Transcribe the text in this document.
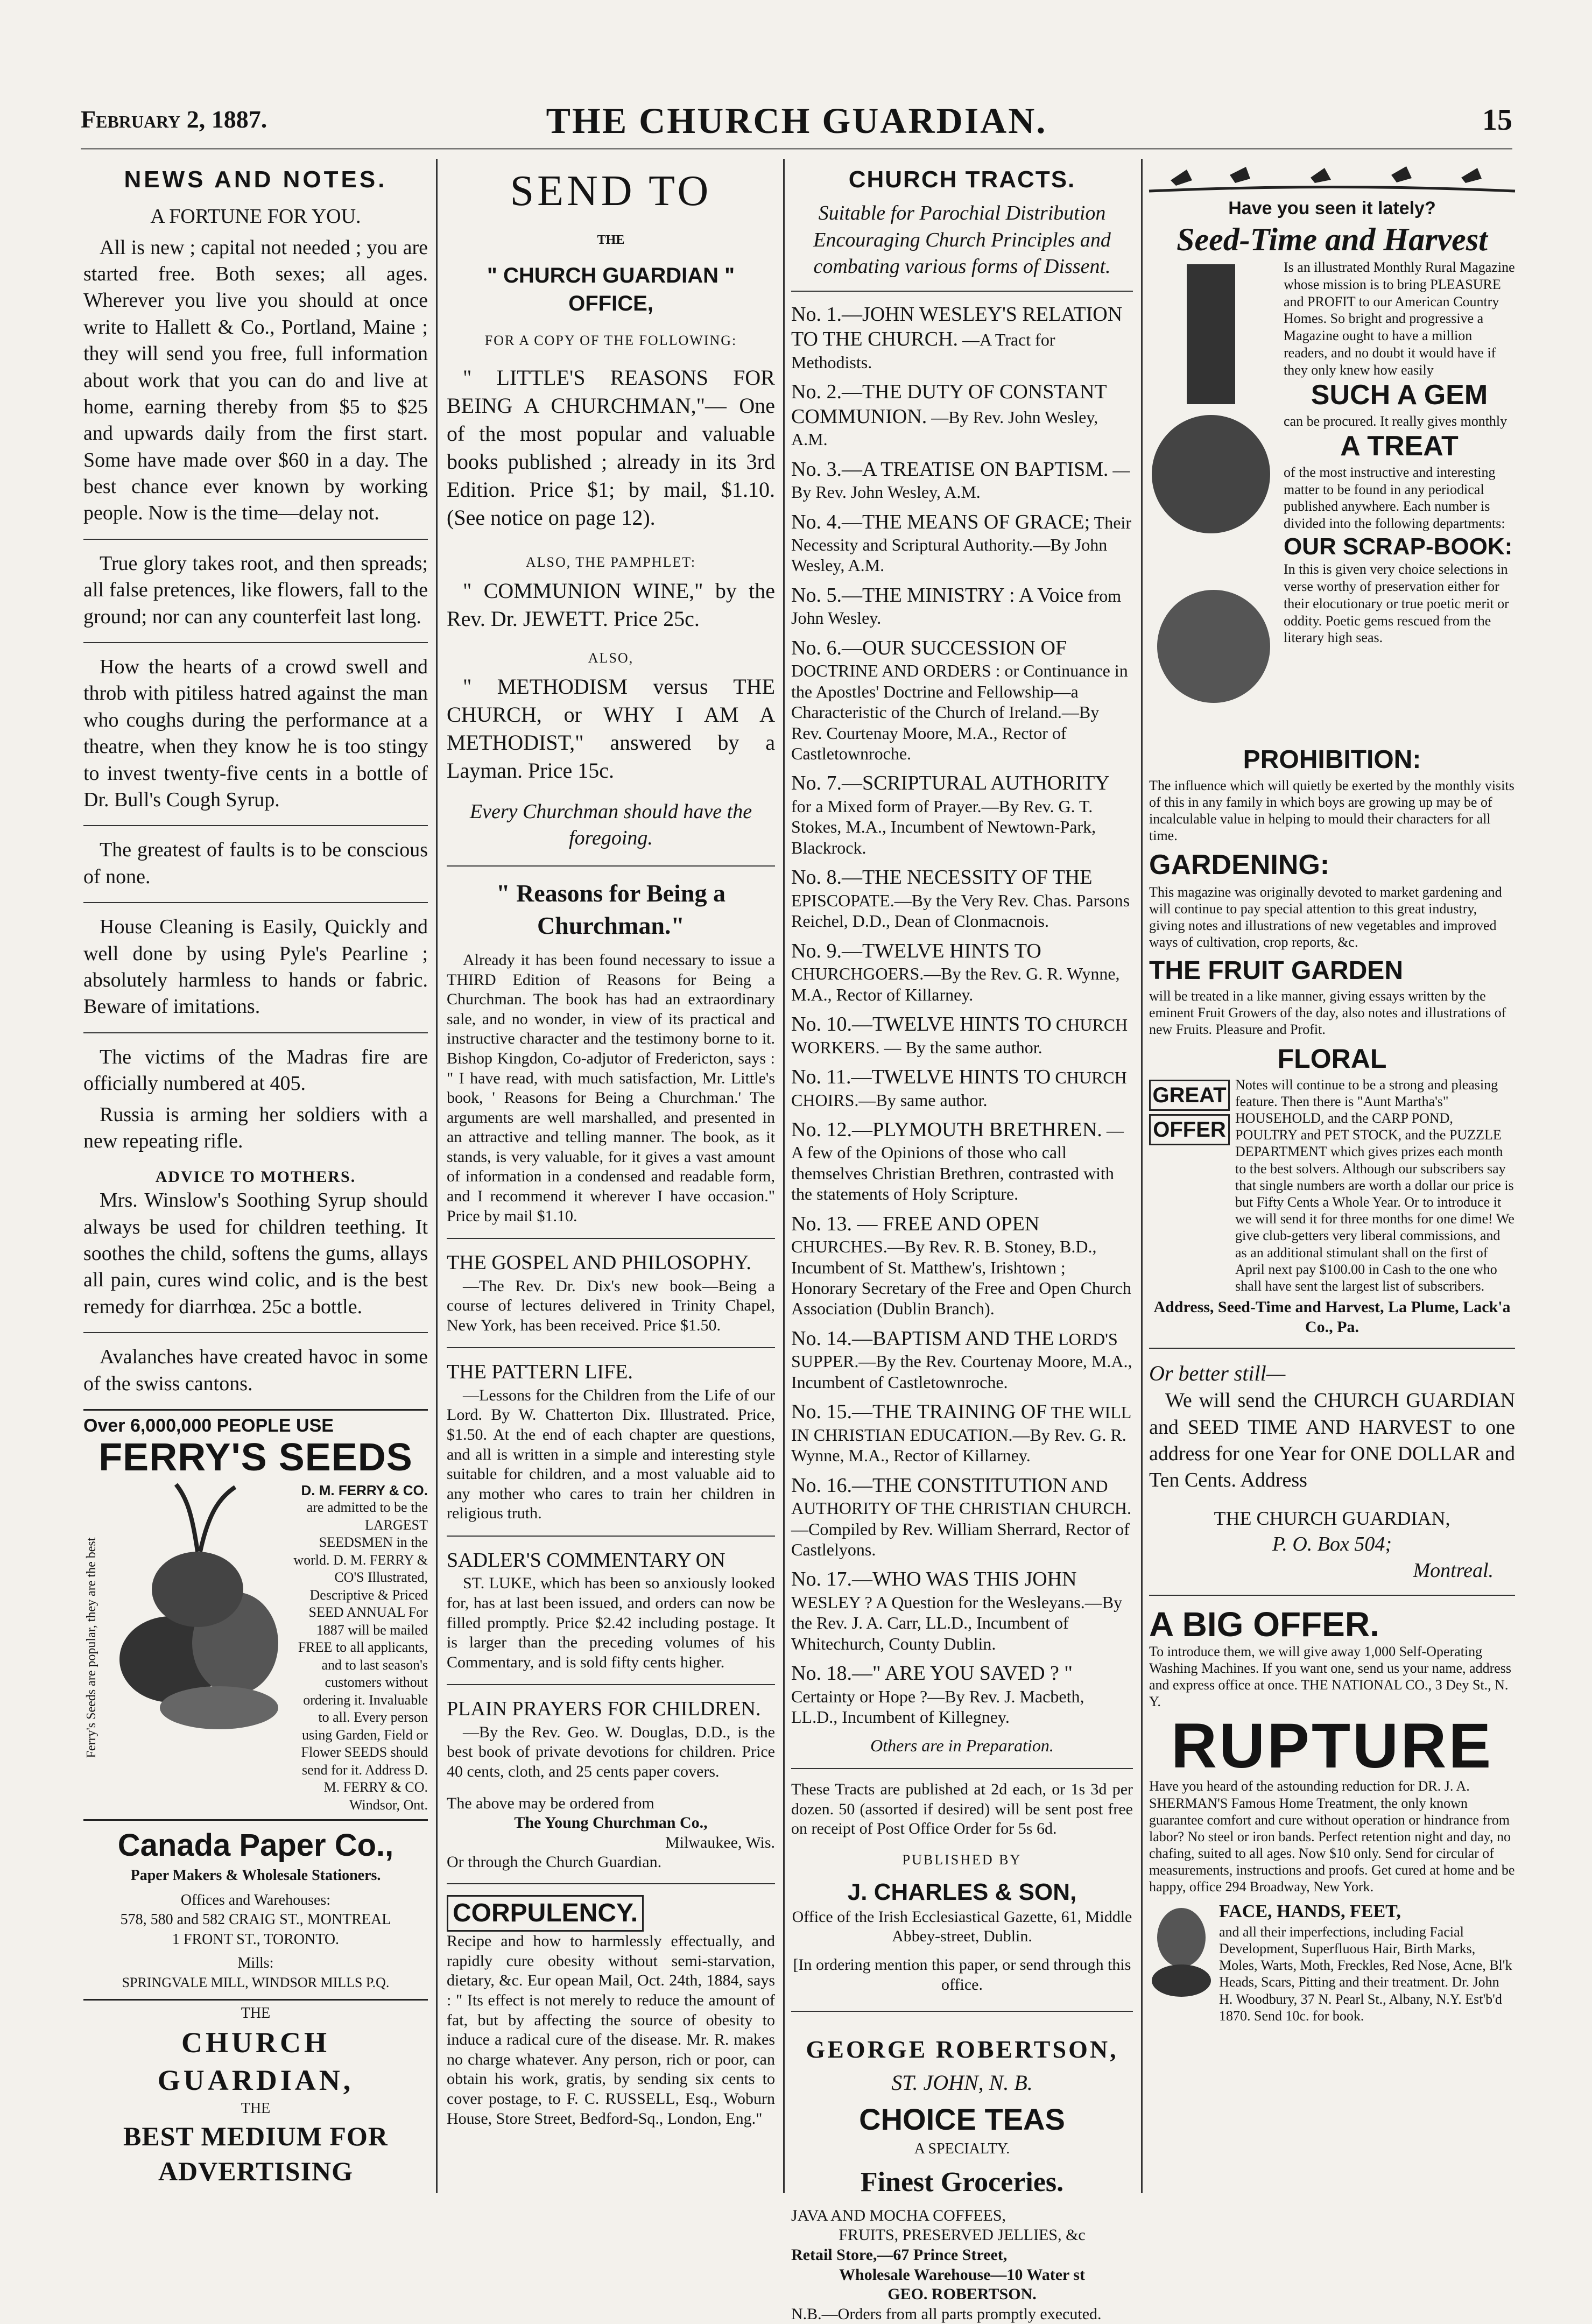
February 2, 1887.	THE CHURCH GUARDIAN.	15
NEWS AND NOTES.
A FORTUNE FOR YOU.

All is new ; capital not needed ; you are started free. Both sexes; all ages. Wherever you live you should at once write to Hallett & Co., Portland, Maine ; they will send you free, full information about work that you can do and live at home, earning thereby from $5 to $25 and upwards daily from the first start. Some have made over $60 in a day. The best chance ever known by working people. Now is the time—delay not.

True glory takes root, and then spreads; all false pretences, like flowers, fall to the ground; nor can any counterfeit last long.

How the hearts of a crowd swell and throb with pitiless hatred against the man who coughs during the performance at a theatre, when they know he is too stingy to invest twenty-five cents in a bottle of Dr. Bull's Cough Syrup.

The greatest of faults is to be conscious of none.

House Cleaning is Easily, Quickly and well done by using Pyle's Pearline ; absolutely harmless to hands or fabric. Beware of imitations.

The victims of the Madras fire are officially numbered at 405.

Russia is arming her soldiers with a new repeating rifle.

ADVICE TO MOTHERS.

Mrs. Winslow's Soothing Syrup should always be used for children teething. It soothes the child, softens the gums, allays all pain, cures wind colic, and is the best remedy for diarrhœa. 25c a bottle.

Avalanches have created havoc in some of the swiss cantons.

Over 6,000,000 PEOPLE USE
FERRY'S SEEDS
Ferry's Seeds are popular, they are the best
D. M. FERRY & CO.
are admitted to be the LARGEST SEEDSMEN in the world. D. M. FERRY & CO'S Illustrated, Descriptive & Priced SEED ANNUAL For 1887 will be mailed FREE to all applicants, and to last season's customers without ordering it. Invaluable to all. Every person using Garden, Field or Flower SEEDS should send for it. Address D. M. FERRY & CO. Windsor, Ont.
Canada Paper Co.,
Paper Makers & Wholesale Stationers.
Offices and Warehouses:
578, 580 and 582 CRAIG ST., MONTREAL
1 FRONT ST., TORONTO.
Mills:
SPRINGVALE MILL, WINDSOR MILLS P.Q.
THE
CHURCH GUARDIAN,
THE
BEST MEDIUM FOR ADVERTISING
SEND TO
THE
" CHURCH GUARDIAN " OFFICE,
FOR A COPY OF THE FOLLOWING:

" LITTLE'S REASONS FOR BEING A CHURCHMAN,"— One of the most popular and valuable books published ; already in its 3rd Edition. Price $1; by mail, $1.10. (See notice on page 12).

ALSO, THE PAMPHLET:

" COMMUNION WINE," by the Rev. Dr. JEWETT. Price 25c.

ALSO,

" METHODISM versus THE CHURCH, or WHY I AM A METHODIST," answered by a Layman. Price 15c.

Every Churchman should have the foregoing.
" Reasons for Being a Churchman."

Already it has been found necessary to issue a THIRD Edition of Reasons for Being a Churchman. The book has had an extraordinary sale, and no wonder, in view of its practical and instructive character and the testimony borne to it. Bishop Kingdon, Co-adjutor of Fredericton, says : " I have read, with much satisfaction, Mr. Little's book, ' Reasons for Being a Churchman.' The arguments are well marshalled, and presented in an attractive and telling manner. The book, as it stands, is very valuable, for it gives a vast amount of information in a condensed and readable form, and I recommend it wherever I have occasion." Price by mail $1.10.

THE GOSPEL AND PHILOSOPHY.

—The Rev. Dr. Dix's new book—Being a course of lectures delivered in Trinity Chapel, New York, has been received. Price $1.50.

THE PATTERN LIFE.

—Lessons for the Children from the Life of our Lord. By W. Chatterton Dix. Illustrated. Price, $1.50. At the end of each chapter are questions, and all is written in a simple and interesting style suitable for children, and a most valuable aid to any mother who cares to train her children in religious truth.

SADLER'S COMMENTARY ON

ST. LUKE, which has been so anxiously looked for, has at last been issued, and orders can now be filled promptly. Price $2.42 including postage. It is larger than the preceding volumes of his Commentary, and is sold fifty cents higher.

PLAIN PRAYERS FOR CHILDREN.

—By the Rev. Geo. W. Douglas, D.D., is the best book of private devotions for children. Price 40 cents, cloth, and 25 cents paper covers.

The above may be ordered from
The Young Churchman Co.,
Milwaukee, Wis.
Or through the Church Guardian.
CORPULENCY.

Recipe and how to harmlessly effectually, and rapidly cure obesity without semi-starvation, dietary, &c. Eur opean Mail, Oct. 24th, 1884, says : " Its effect is not merely to reduce the amount of fat, but by affecting the source of obesity to induce a radical cure of the disease. Mr. R. makes no charge whatever. Any person, rich or poor, can obtain his work, gratis, by sending six cents to cover postage, to F. C. RUSSELL, Esq., Woburn House, Store Street, Bedford-Sq., London, Eng."

CHURCH TRACTS.
Suitable for Parochial Distribution Encouraging Church Principles and combating various forms of Dissent.
No. 1.—JOHN WESLEY'S RELATION TO THE CHURCH. —A Tract for Methodists.
No. 2.—THE DUTY OF CONSTANT COMMUNION. —By Rev. John Wesley, A.M.
No. 3.—A TREATISE ON BAPTISM. —By Rev. John Wesley, A.M.
No. 4.—THE MEANS OF GRACE; Their Necessity and Scriptural Authority.—By John Wesley, A.M.
No. 5.—THE MINISTRY : A Voice from John Wesley.
No. 6.—OUR SUCCESSION OF DOCTRINE AND ORDERS : or Continuance in the Apostles' Doctrine and Fellowship—a Characteristic of the Church of Ireland.—By Rev. Courtenay Moore, M.A., Rector of Castletownroche.
No. 7.—SCRIPTURAL AUTHORITY for a Mixed form of Prayer.—By Rev. G. T. Stokes, M.A., Incumbent of Newtown-Park, Blackrock.
No. 8.—THE NECESSITY OF THE EPISCOPATE.—By the Very Rev. Chas. Parsons Reichel, D.D., Dean of Clonmacnois.
No. 9.—TWELVE HINTS TO CHURCHGOERS.—By the Rev. G. R. Wynne, M.A., Rector of Killarney.
No. 10.—TWELVE HINTS TO CHURCH WORKERS. — By the same author.
No. 11.—TWELVE HINTS TO CHURCH CHOIRS.—By same author.
No. 12.—PLYMOUTH BRETHREN. —A few of the Opinions of those who call themselves Christian Brethren, contrasted with the statements of Holy Scripture.
No. 13. — FREE AND OPEN CHURCHES.—By Rev. R. B. Stoney, B.D., Incumbent of St. Matthew's, Irishtown ; Honorary Secretary of the Free and Open Church Association (Dublin Branch).
No. 14.—BAPTISM AND THE LORD'S SUPPER.—By the Rev. Courtenay Moore, M.A., Incumbent of Castletownroche.
No. 15.—THE TRAINING OF THE WILL IN CHRISTIAN EDUCATION.—By Rev. G. R. Wynne, M.A., Rector of Killarney.
No. 16.—THE CONSTITUTION AND AUTHORITY OF THE CHRISTIAN CHURCH.—Compiled by Rev. William Sherrard, Rector of Castlelyons.
No. 17.—WHO WAS THIS JOHN WESLEY ? A Question for the Wesleyans.—By the Rev. J. A. Carr, LL.D., Incumbent of Whitechurch, County Dublin.
No. 18.—" ARE YOU SAVED ? " Certainty or Hope ?—By Rev. J. Macbeth, LL.D., Incumbent of Killegney.
Others are in Preparation.

These Tracts are published at 2d each, or 1s 3d per dozen. 50 (assorted if desired) will be sent post free on receipt of Post Office Order for 5s 6d.

PUBLISHED BY
J. CHARLES & SON,
Office of the Irish Ecclesiastical Gazette, 61, Middle Abbey-street, Dublin.
[In ordering mention this paper, or send through this office.
GEORGE ROBERTSON,
ST. JOHN, N. B.
CHOICE TEAS
A SPECIALTY.
Finest Groceries.
JAVA AND MOCHA COFFEES,
FRUITS, PRESERVED JELLIES, &c
Retail Store,—67 Prince Street,
Wholesale Warehouse—10 Water st
GEO. ROBERTSON.
N.B.—Orders from all parts promptly executed.
Have you seen it lately?
Seed-Time and Harvest
Is an illustrated Monthly Rural Magazine whose mission is to bring PLEASURE and PROFIT to our American Country Homes. So bright and progressive a Magazine ought to have a million readers, and no doubt it would have if they only knew how easily
SUCH A GEM
can be procured. It really gives monthly
A TREAT
of the most instructive and interesting matter to be found in any periodical published anywhere. Each number is divided into the following departments:
OUR SCRAP-BOOK:
In this is given very choice selections in verse worthy of preservation either for their elocutionary or true poetic merit or oddity. Poetic gems rescued from the literary high seas.
PROHIBITION:
The influence which will quietly be exerted by the monthly visits of this in any family in which boys are growing up may be of incalculable value in helping to mould their characters for all time.
GARDENING:
This magazine was originally devoted to market gardening and will continue to pay special attention to this great industry, giving notes and illustrations of new vegetables and improved ways of cultivation, crop reports, &c.
THE FRUIT GARDEN
will be treated in a like manner, giving essays written by the eminent Fruit Growers of the day, also notes and illustrations of new Fruits. Pleasure and Profit.
FLORAL
GREAT
OFFER
Notes will continue to be a strong and pleasing feature. Then there is "Aunt Martha's" HOUSEHOLD, and the CARP POND, POULTRY and PET STOCK, and the PUZZLE DEPARTMENT which gives prizes each month to the best solvers. Although our subscribers say that single numbers are worth a dollar our price is but Fifty Cents a Whole Year. Or to introduce it we will send it for three months for one dime! We give club-getters very liberal commissions, and as an additional stimulant shall on the first of April next pay $100.00 in Cash to the one who shall have sent the largest list of subscribers.
Address, Seed-Time and Harvest, La Plume, Lack'a Co., Pa.
Or better still—

We will send the CHURCH GUARDIAN and SEED TIME AND HARVEST to one address for one Year for ONE DOLLAR and Ten Cents. Address

THE CHURCH GUARDIAN,
P. O. Box 504;
Montreal.
A BIG OFFER.
To introduce them, we will give away 1,000 Self-Operating Washing Machines. If you want one, send us your name, address and express office at once. THE NATIONAL CO., 3 Dey St., N. Y.
RUPTURE
Have you heard of the astounding reduction for DR. J. A. SHERMAN'S Famous Home Treatment, the only known guarantee comfort and cure without operation or hindrance from labor? No steel or iron bands. Perfect retention night and day, no chafing, suited to all ages. Now $10 only. Send for circular of measurements, instructions and proofs. Get cured at home and be happy, office 294 Broadway, New York.
FACE, HANDS, FEET,
and all their imperfections, including Facial Development, Superfluous Hair, Birth Marks, Moles, Warts, Moth, Freckles, Red Nose, Acne, Bl'k Heads, Scars, Pitting and their treatment. Dr. John H. Woodbury, 37 N. Pearl St., Albany, N.Y. Est'b'd 1870. Send 10c. for book.
